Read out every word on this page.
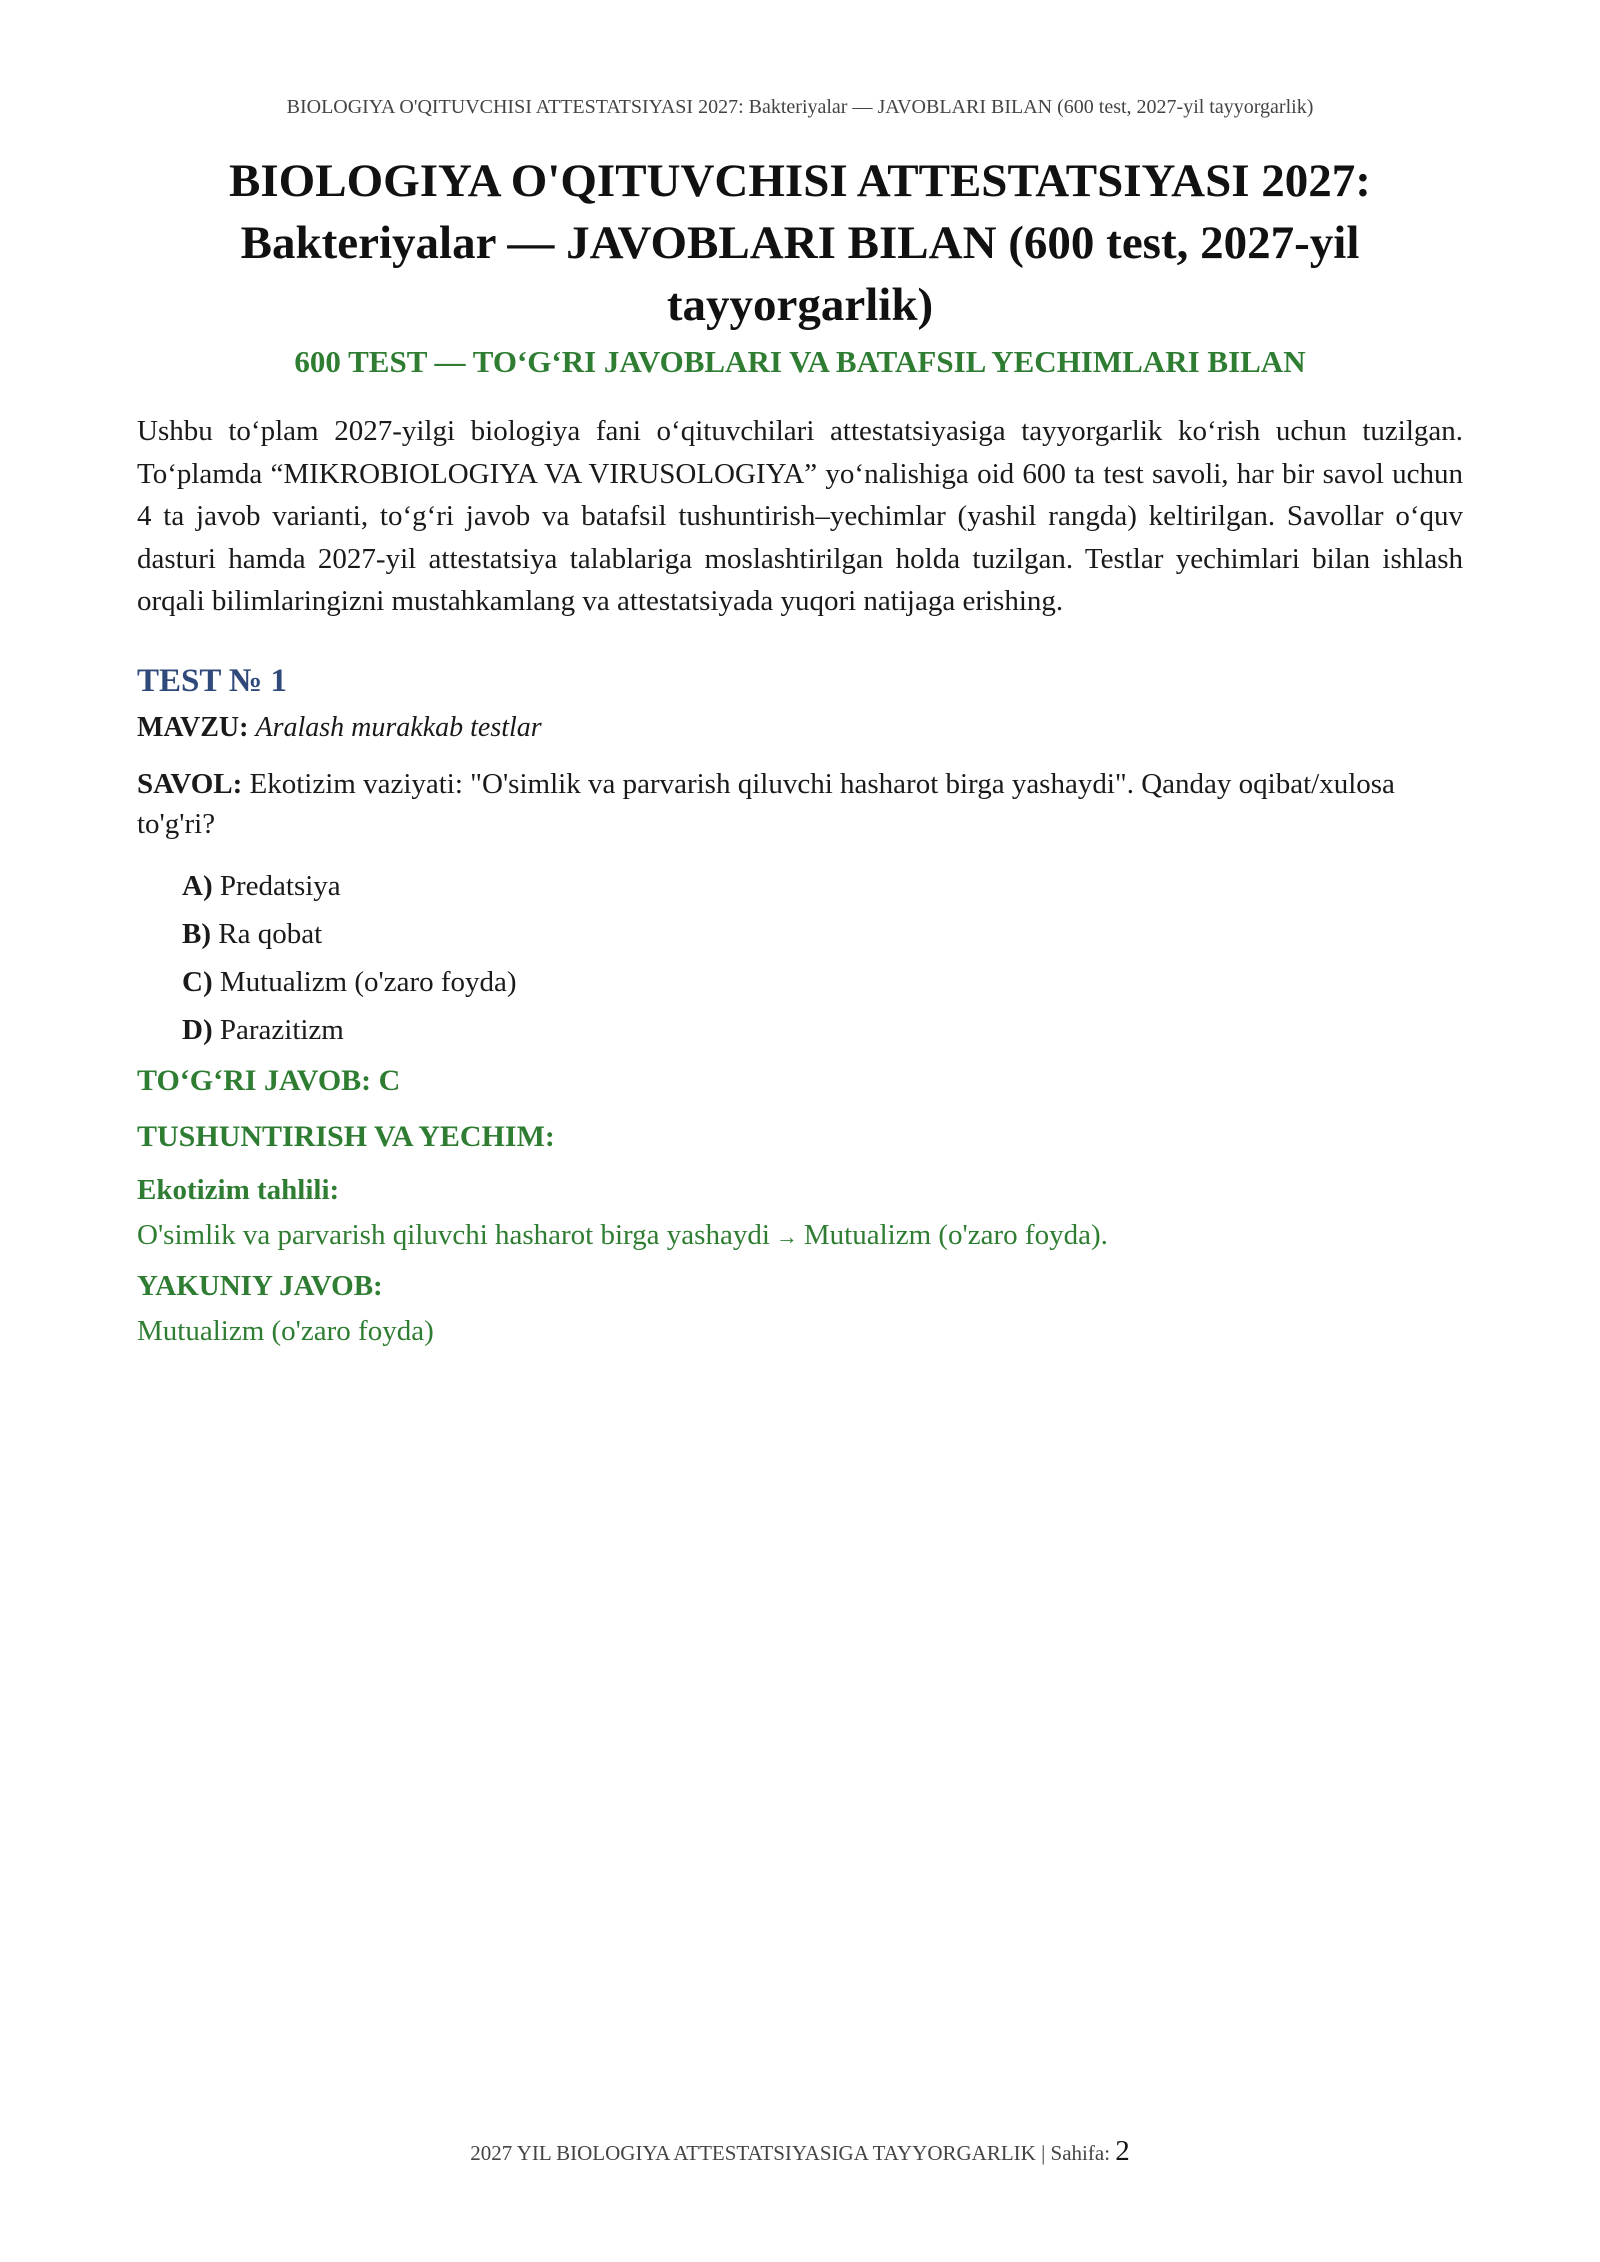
BIOLOGIYA O'QITUVCHISI ATTESTATSIYASI 2027: Bakteriyalar — JAVOBLARI BILAN (600 test, 2027-yil tayyorgarlik)
BIOLOGIYA O'QITUVCHISI ATTESTATSIYASI 2027:
Bakteriyalar — JAVOBLARI BILAN (600 test, 2027-yil
tayyorgarlik)
600 TEST — TO‘G‘RI JAVOBLARI VA BATAFSIL YECHIMLARI BILAN

Ushbu to‘plam 2027-yilgi biologiya fani o‘qituvchilari attestatsiyasiga tayyorgarlik ko‘rish uchun tuzilgan. To‘plamda “MIKROBIOLOGIYA VA VIRUSOLOGIYA” yo‘nalishiga oid 600 ta test savoli, har bir savol uchun 4 ta javob varianti, to‘g‘ri javob va batafsil tushuntirish–yechimlar (yashil rangda) keltirilgan. Savollar o‘quv dasturi hamda 2027-yil attestatsiya talablariga moslashtirilgan holda tuzilgan. Testlar yechimlari bilan ishlash orqali bilimlaringizni mustahkamlang va attestatsiyada yuqori natijaga erishing.

TEST № 1
MAVZU: Aralash murakkab testlar
SAVOL: Ekotizim vaziyati: "O'simlik va parvarish qiluvchi hasharot birga yashaydi". Qanday oqibat/xulosa to'g'ri?
A) Predatsiya
B) Ra qobat
C) Mutualizm (o'zaro foyda)
D) Parazitizm
TO‘G‘RI JAVOB: C
TUSHUNTIRISH VA YECHIM:
Ekotizim tahlili:
O'simlik va parvarish qiluvchi hasharot birga yashaydi → Mutualizm (o'zaro foyda).
YAKUNIY JAVOB:
Mutualizm (o'zaro foyda)
2027 YIL BIOLOGIYA ATTESTATSIYASIGA TAYYORGARLIK | Sahifa: 2
